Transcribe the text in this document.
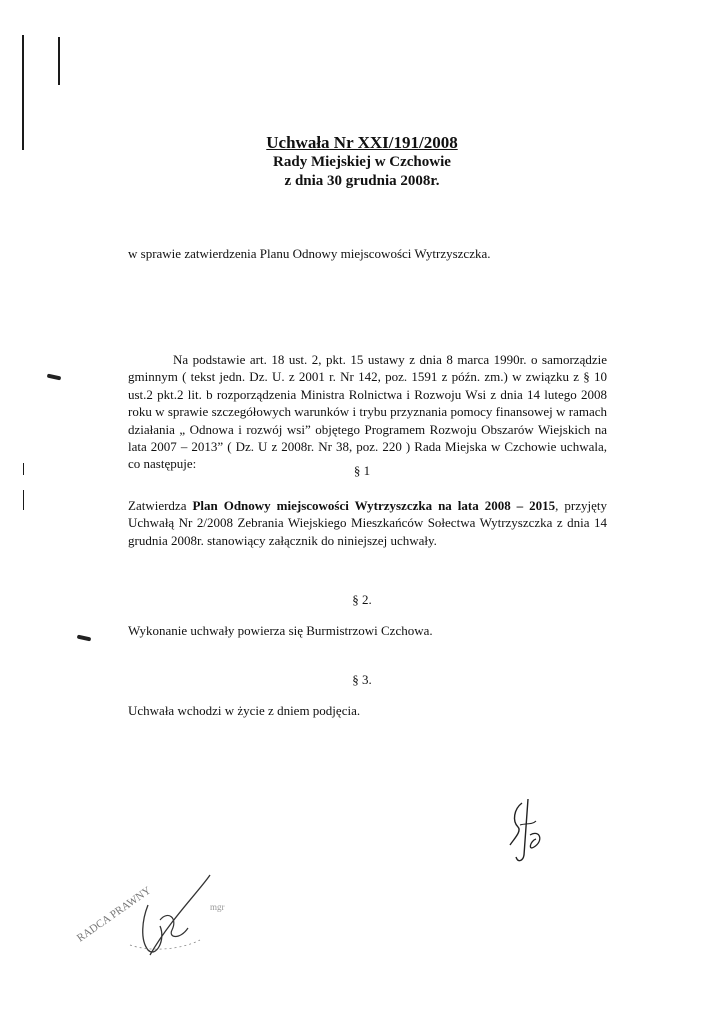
Uchwała Nr XXI/191/2008
Rady Miejskiej w Czchowie
z dnia 30 grudnia 2008r.
w sprawie zatwierdzenia Planu Odnowy miejscowości Wytrzyszczka.
Na podstawie art. 18 ust. 2, pkt. 15 ustawy z dnia 8 marca 1990r. o samorządzie gminnym ( tekst jedn. Dz. U. z 2001 r. Nr 142, poz. 1591 z późn. zm.) w związku z § 10 ust.2 pkt.2 lit. b rozporządzenia Ministra Rolnictwa i Rozwoju Wsi z dnia 14 lutego 2008 roku w sprawie szczegółowych warunków i trybu przyznania pomocy finansowej w ramach działania „ Odnowa i rozwój wsi” objętego Programem Rozwoju Obszarów Wiejskich na lata 2007 – 2013” ( Dz. U z 2008r. Nr 38, poz. 220 ) Rada Miejska w Czchowie uchwala, co następuje:	§ 1
Zatwierdza Plan Odnowy miejscowości Wytrzyszczka na lata 2008 – 2015, przyjęty Uchwałą Nr 2/2008 Zebrania Wiejskiego Mieszkańców Sołectwa Wytrzyszczka z dnia 14 grudnia 2008r. stanowiący załącznik do niniejszej uchwały.
§ 2.
Wykonanie uchwały powierza się Burmistrzowi Czchowa.
§ 3.
Uchwała wchodzi w życie z dniem podjęcia.
RADCA PRAWNY	mgr
